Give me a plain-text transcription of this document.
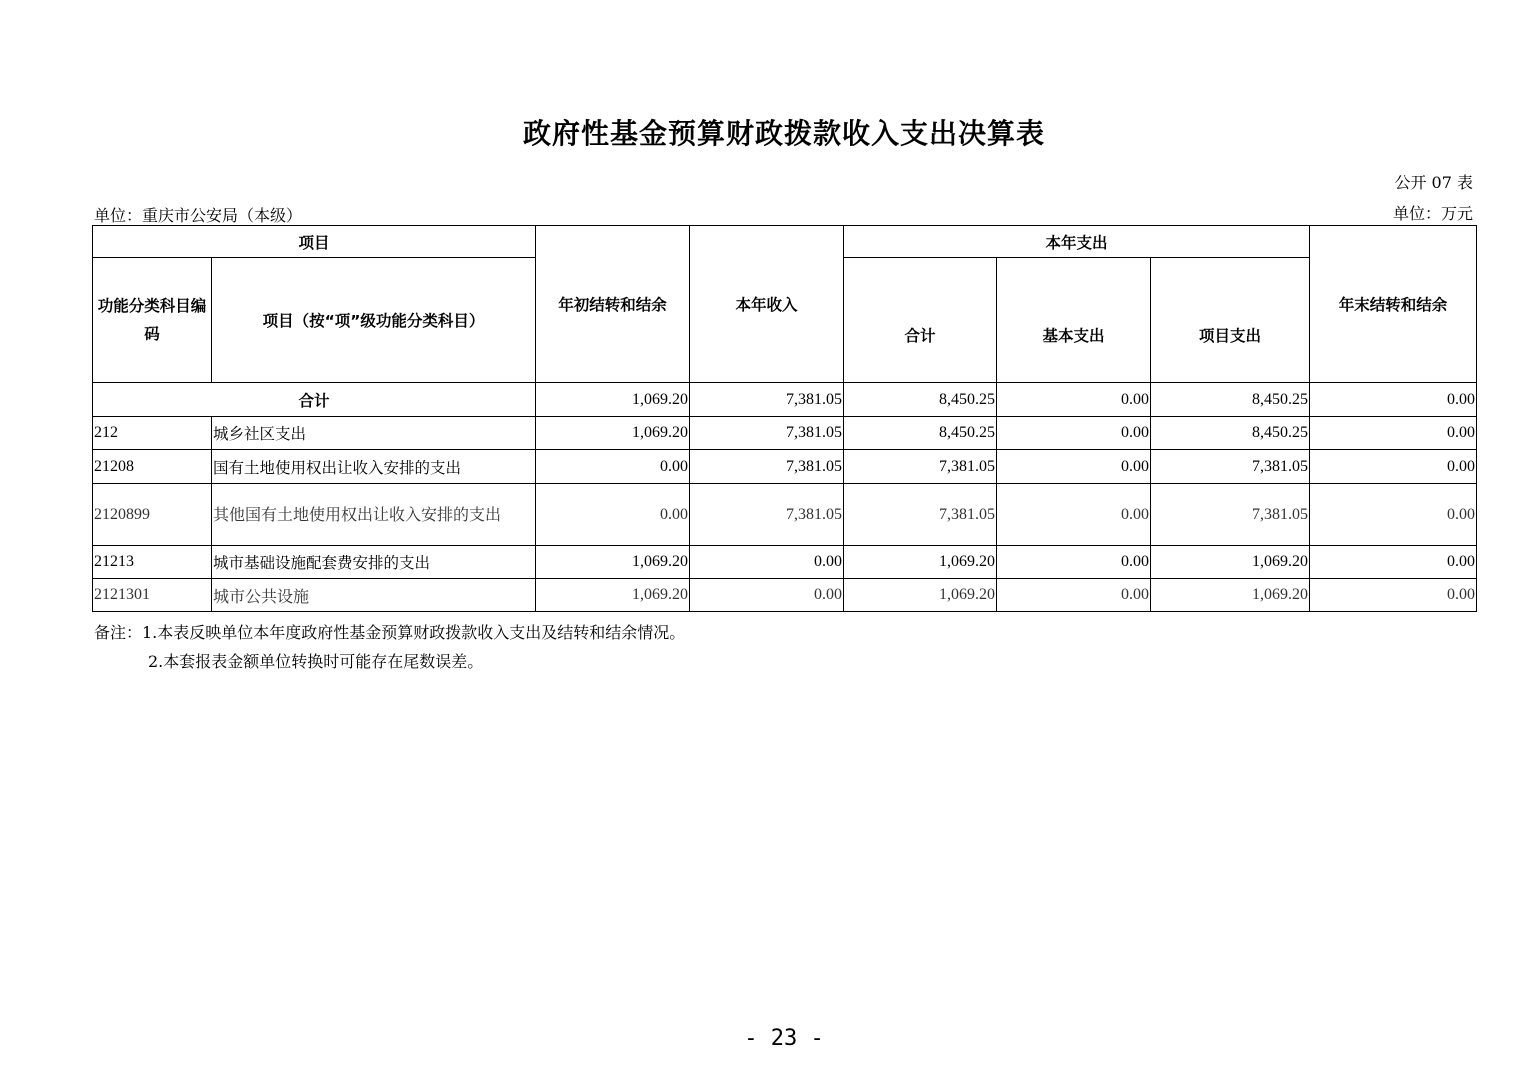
政府性基金预算财政拨款收入支出决算表
公开 07 表
单位：重庆市公安局（本级）	单位：万元
项目		年初结转和结余	本年收入	本年支出			年末结转和结余
功能分类科目编码	项目（按“项”级功能分类科目）			合计	基本支出	项目支出	
合计		1,069.20	7,381.05	8,450.25	0.00	8,450.25	0.00
212	城乡社区支出	1,069.20	7,381.05	8,450.25	0.00	8,450.25	0.00
21208	国有土地使用权出让收入安排的支出	0.00	7,381.05	7,381.05	0.00	7,381.05	0.00
2120899	其他国有土地使用权出让收入安排的支出	0.00	7,381.05	7,381.05	0.00	7,381.05	0.00
21213	城市基础设施配套费安排的支出	1,069.20	0.00	1,069.20	0.00	1,069.20	0.00
2121301	城市公共设施	1,069.20	0.00	1,069.20	0.00	1,069.20	0.00
备注：1.本表反映单位本年度政府性基金预算财政拨款收入支出及结转和结余情况。
2.本套报表金额单位转换时可能存在尾数误差。
- 23 -
